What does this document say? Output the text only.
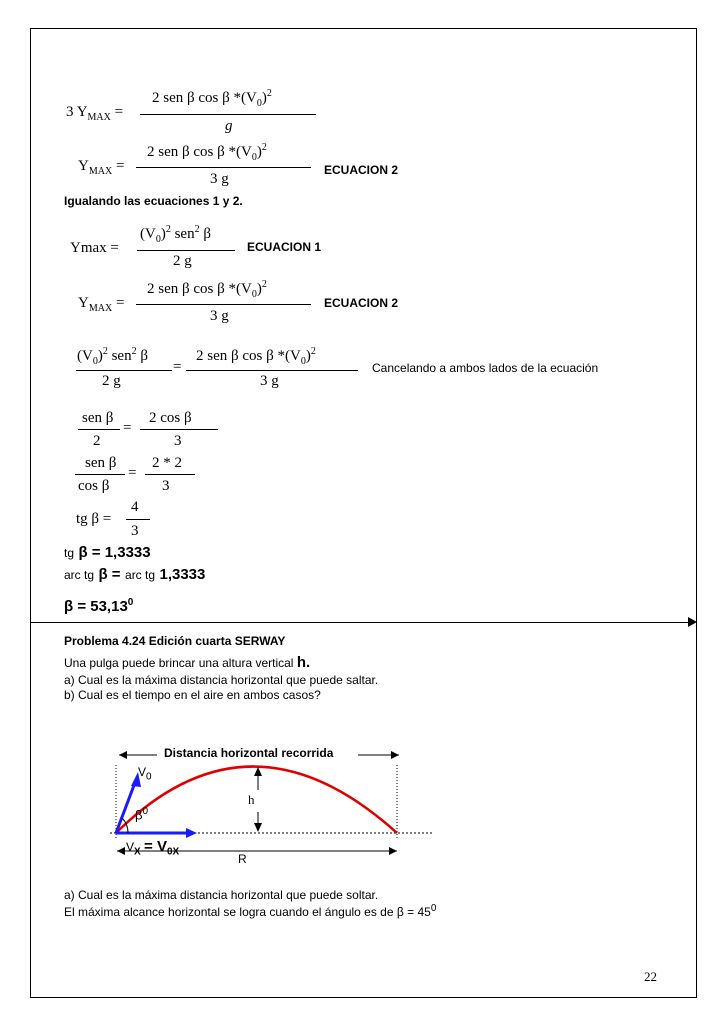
3 $Y_{MAX}$ =
2 sen β cos β $*(V_0)^2$
g
$Y_{MAX}$ =
2 sen β cos β $*(V_0)^2$
3 g
ECUACION 2
Igualando las ecuaciones 1 y 2.
Ymax =
$(V_0)^2$ sen$^2$ β
2 g
ECUACION 1
$Y_{MAX}$ =
2 sen β cos β $*(V_0)^2$
3 g
ECUACION 2
$(V_0)^2$ sen$^2$ β
2 g
=
2 sen β cos β $*(V_0)^2$
3 g
Cancelando a ambos lados de la ecuación
sen β
2
=
2 cos β
3
sen β
cos β
=
2 * 2
3
tg β =
4
3
tg β = 1,3333
arc tg β = arc tg 1,3333
$\beta = 53,13^0$
Problema 4.24 Edición cuarta SERWAY
Una pulga puede brincar una altura vertical h.
a) Cual es la máxima distancia horizontal que puede saltar.
b) Cual es el tiempo en el aire en ambos casos?
R
Distancia horizontal recorrida
$V_0$
h
$\beta^0$
$V_X = V_{0X}$
a) Cual es la máxima distancia horizontal que puede soltar.
El máxima alcance horizontal se logra cuando el ángulo es de $\beta = 45^0$
22
